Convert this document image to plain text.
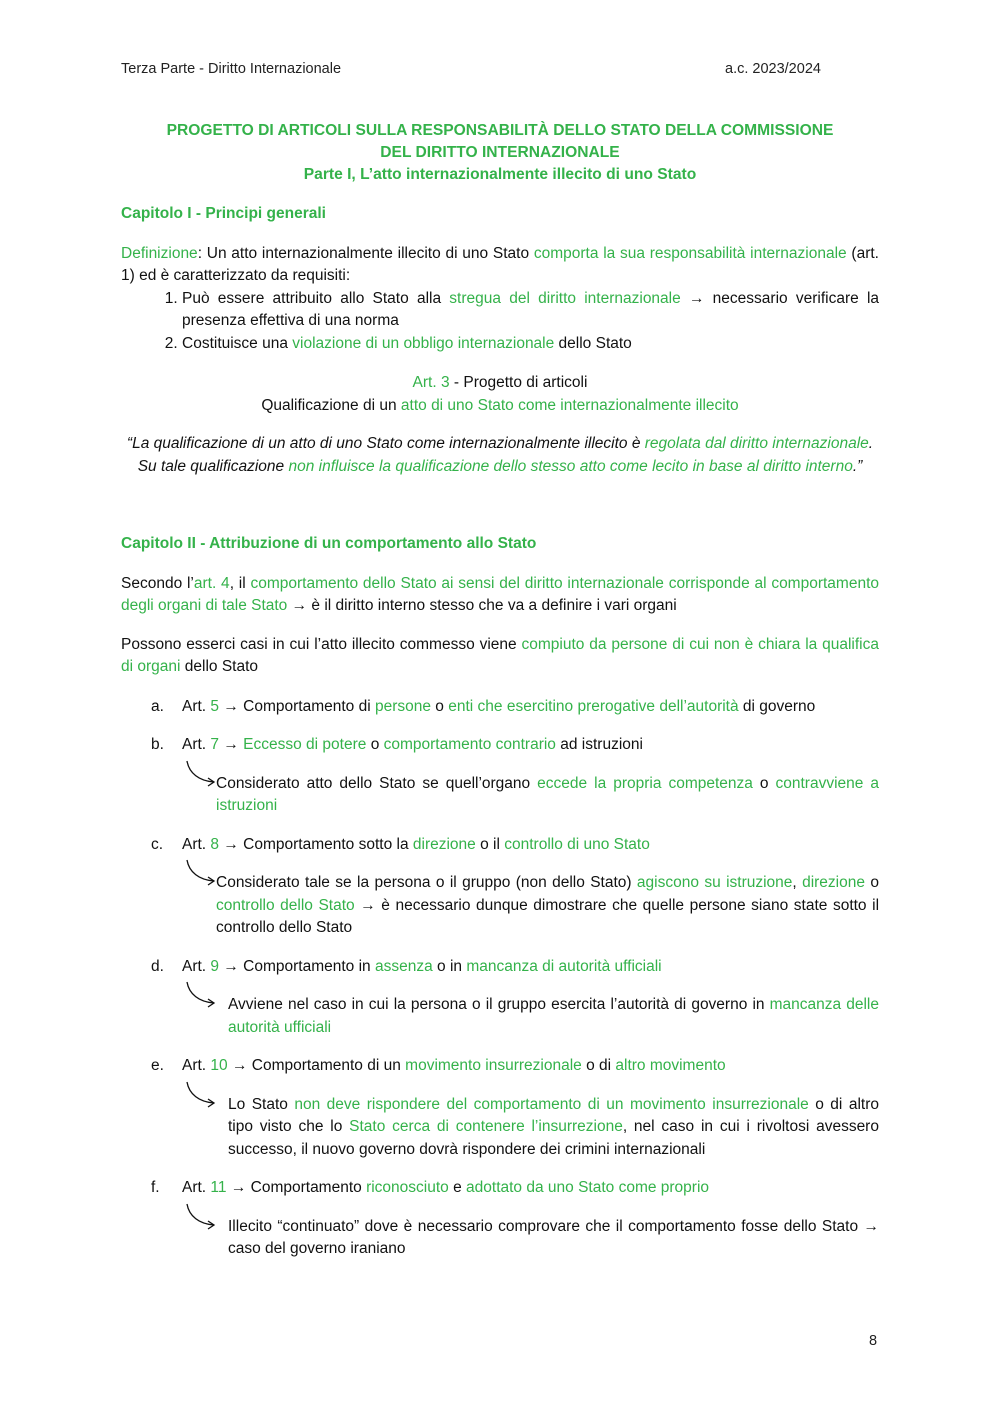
Terza Parte - Diritto Internazionale	a.c. 2023/2024
PROGETTO DI ARTICOLI SULLA RESPONSABILITÀ DELLO STATO DELLA COMMISSIONE
DEL DIRITTO INTERNAZIONALE
Parte I, L’atto internazionalmente illecito di uno Stato

Capitolo I - Principi generali

Definizione: Un atto internazionalmente illecito di uno Stato comporta la sua responsabilità internazionale (art. 1) ed è caratterizzato da requisiti:

1. Può essere attribuito allo Stato alla stregua del diritto internazionale → necessario verificare la presenza effettiva di una norma
2. Costituisce una violazione di un obbligo internazionale dello Stato
Art. 3 - Progetto di articoli
Qualificazione di un atto di uno Stato come internazionalmente illecito

“La qualificazione di un atto di uno Stato come internazionalmente illecito è regolata dal diritto internazionale. Su tale qualificazione non influisce la qualificazione dello stesso atto come lecito in base al diritto interno.”

Capitolo II - Attribuzione di un comportamento allo Stato

Secondo l’art. 4, il comportamento dello Stato ai sensi del diritto internazionale corrisponde al comportamento degli organi di tale Stato → è il diritto interno stesso che va a definire i vari organi

Possono esserci casi in cui l’atto illecito commesso viene compiuto da persone di cui non è chiara la qualifica di organi dello Stato

a. Art. 5 → Comportamento di persone o enti che esercitino prerogative dell’autorità di governo
b. Art. 7 → Eccesso di potere o comportamento contrario ad istruzioni
Considerato atto dello Stato se quell’organo eccede la propria competenza o contravviene a istruzioni
c. Art. 8 → Comportamento sotto la direzione o il controllo di uno Stato
Considerato tale se la persona o il gruppo (non dello Stato) agiscono su istruzione, direzione o controllo dello Stato → è necessario dunque dimostrare che quelle persone siano state sotto il controllo dello Stato
d. Art. 9 → Comportamento in assenza o in mancanza di autorità ufficiali
Avviene nel caso in cui la persona o il gruppo esercita l’autorità di governo in mancanza delle autorità ufficiali
e. Art. 10 → Comportamento di un movimento insurrezionale o di altro movimento
Lo Stato non deve rispondere del comportamento di un movimento insurrezionale o di altro tipo visto che lo Stato cerca di contenere l’insurrezione, nel caso in cui i rivoltosi avessero successo, il nuovo governo dovrà rispondere dei crimini internazionali
f. Art. 11 → Comportamento riconosciuto e adottato da uno Stato come proprio
Illecito “continuato” dove è necessario comprovare che il comportamento fosse dello Stato → caso del governo iraniano
8
